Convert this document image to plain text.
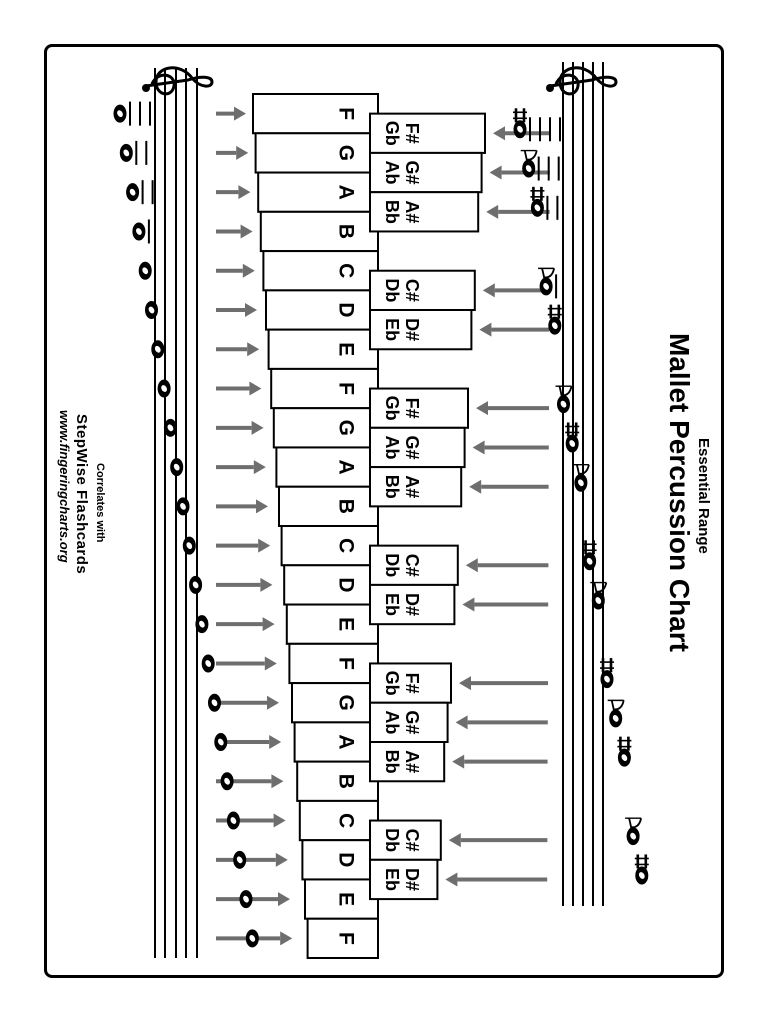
F
G
A
B
C
D
E
F
G
A
B
C
D
E
F
G
A
B
C
D
E
F
F#
Gb
G#
Ab
A#
Bb
C#
Db
D#
Eb
F#
Gb
G#
Ab
A#
Bb
C#
Db
D#
Eb
F#
Gb
G#
Ab
A#
Bb
C#
Db
D#
Eb
Mallet Percussion Chart Essential Range
Correlates with
StepWise Flashcards
www.fingeringcharts.org
